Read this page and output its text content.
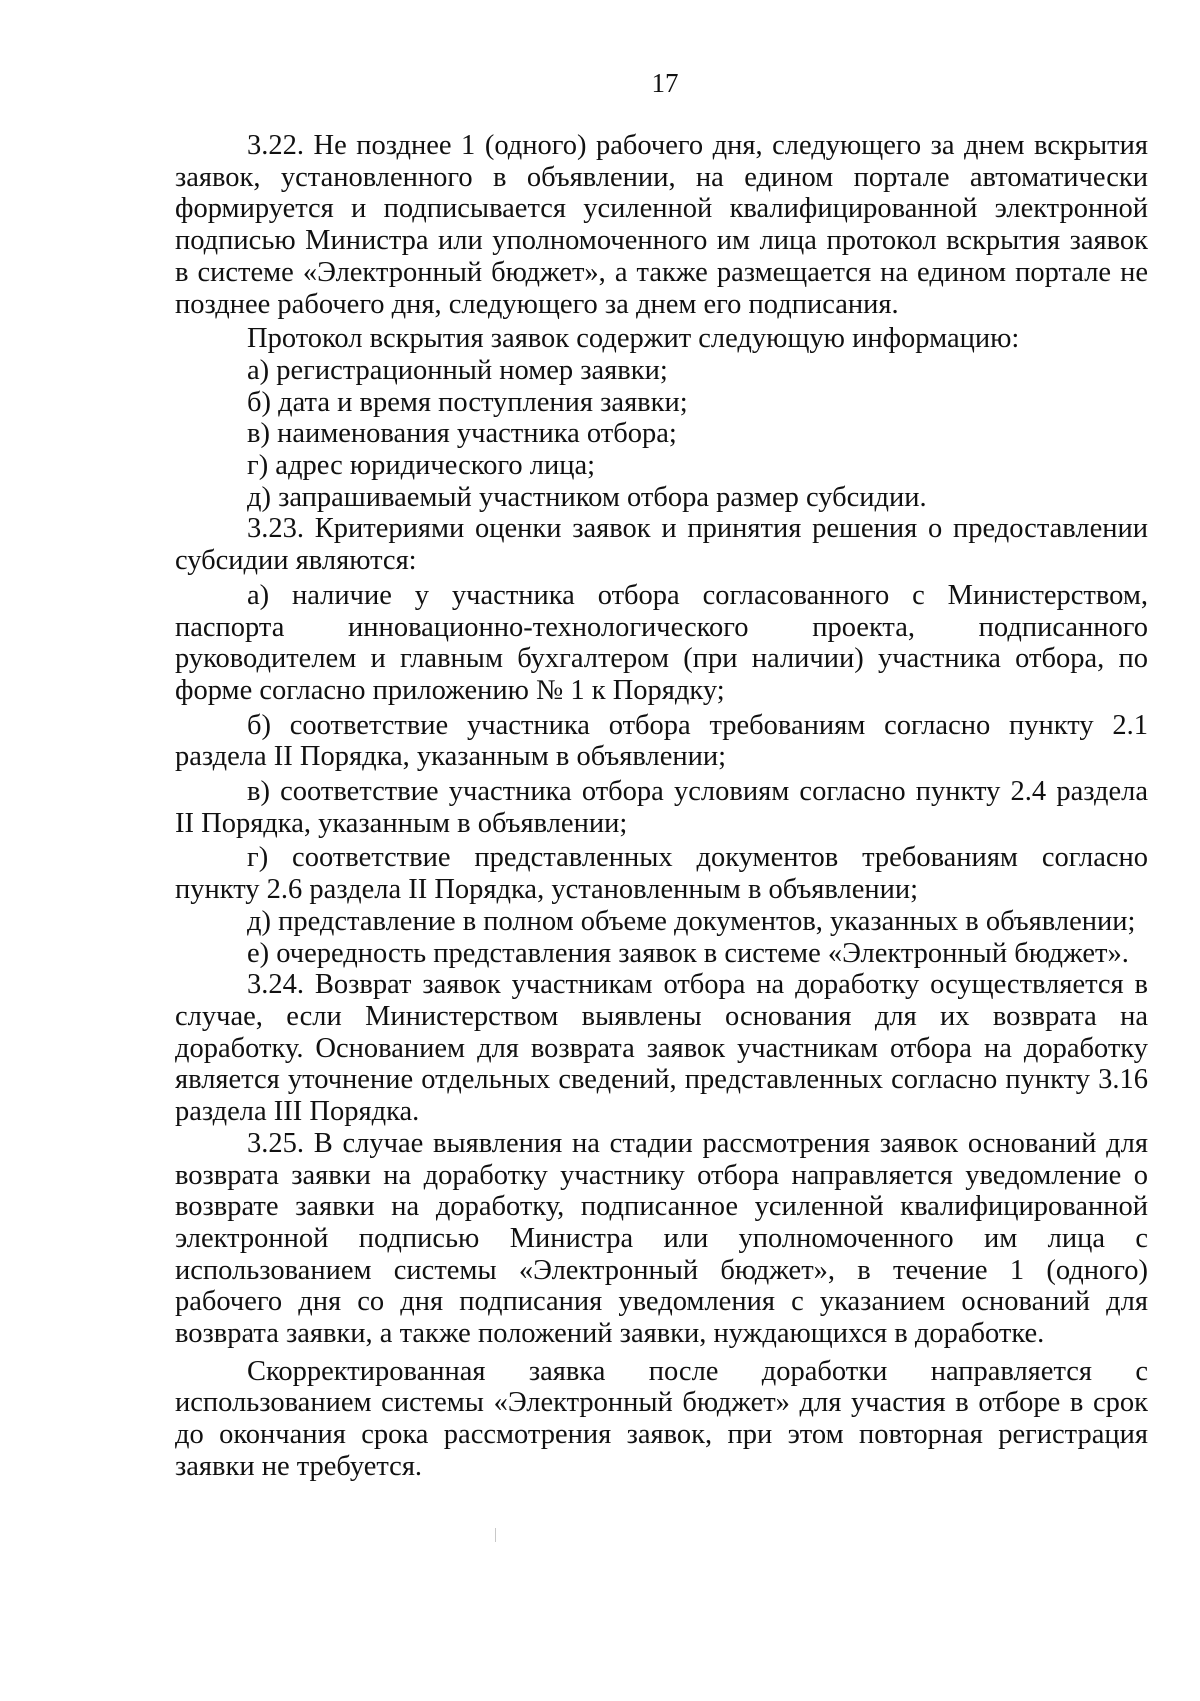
17

3.22. Не позднее 1 (одного) рабочего дня, следующего за днем вскрытия заявок, установленного в объявлении, на едином портале автоматически формируется и подписывается усиленной квалифицированной электронной подписью Министра или уполномоченного им лица протокол вскрытия заявок в системе «Электронный бюджет», а также размещается на едином портале не позднее рабочего дня, следующего за днем его подписания.

Протокол вскрытия заявок содержит следующую информацию:

а) регистрационный номер заявки;

б) дата и время поступления заявки;

в) наименования участника отбора;

г) адрес юридического лица;

д) запрашиваемый участником отбора размер субсидии.

3.23. Критериями оценки заявок и принятия решения о предоставлении субсидии являются:

а) наличие у участника отбора согласованного с Министерством, паспорта инновационно-технологического проекта, подписанного руководителем и главным бухгалтером (при наличии) участника отбора, по форме согласно приложению № 1 к Порядку;

б) соответствие участника отбора требованиям согласно пункту 2.1 раздела II Порядка, указанным в объявлении;

в) соответствие участника отбора условиям согласно пункту 2.4 раздела II Порядка, указанным в объявлении;

г) соответствие представленных документов требованиям согласно пункту 2.6 раздела II Порядка, установленным в объявлении;

д) представление в полном объеме документов, указанных в объявлении;

е) очередность представления заявок в системе «Электронный бюджет».

3.24. Возврат заявок участникам отбора на доработку осуществляется в случае, если Министерством выявлены основания для их возврата на доработку. Основанием для возврата заявок участникам отбора на доработку является уточнение отдельных сведений, представленных согласно пункту 3.16 раздела III Порядка.

3.25. В случае выявления на стадии рассмотрения заявок оснований для возврата заявки на доработку участнику отбора направляется уведомление о возврате заявки на доработку, подписанное усиленной квалифицированной электронной подписью Министра или уполномоченного им лица с использованием системы «Электронный бюджет», в течение 1 (одного) рабочего дня со дня подписания уведомления с указанием оснований для возврата заявки, а также положений заявки, нуждающихся в доработке.

Скорректированная заявка после доработки направляется с использованием системы «Электронный бюджет» для участия в отборе в срок до окончания срока рассмотрения заявок, при этом повторная регистрация заявки не требуется.
